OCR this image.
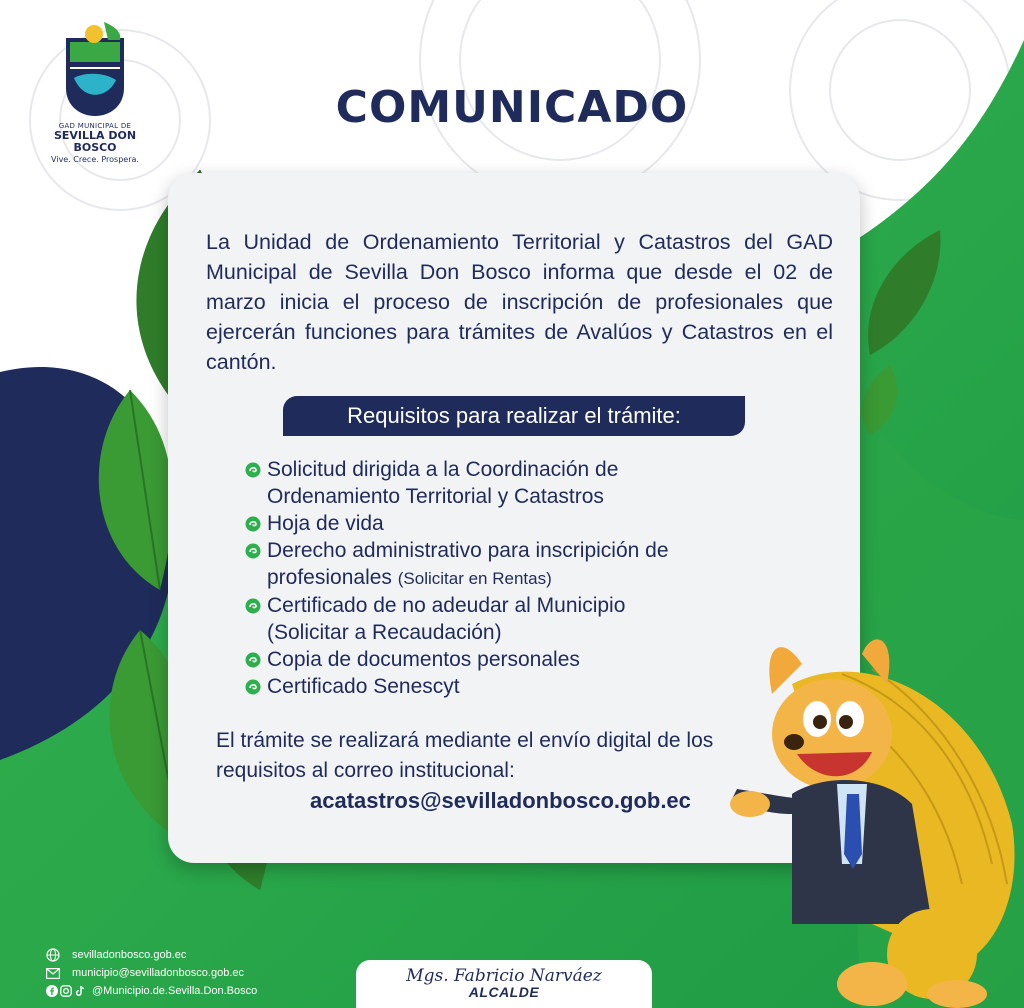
GAD MUNICIPAL DE
SEVILLA DON
BOSCO
Vive. Crece. Prospera.
COMUNICADO
La Unidad de Ordenamiento Territorial y Catastros del GAD Municipal de Sevilla Don Bosco informa que desde el 02 de marzo inicia el proceso de inscripción de profesionales que ejercerán funciones para trámites de Avalúos y Catastros en el cantón.
Requisitos para realizar el trámite:
Solicitud dirigida a la Coordinación de
Ordenamiento Territorial y Catastros
Hoja de vida
Derecho administrativo para inscripición de
profesionales (Solicitar en Rentas)
Certificado de no adeudar al Municipio
(Solicitar a Recaudación)
Copia de documentos personales
Certificado Senescyt
El trámite se realizará mediante el envío digital de los requisitos al correo institucional:
acatastros@sevilladonbosco.gob.ec
sevilladonbosco.gob.ec
municipio@sevilladonbosco.gob.ec
@Municipio.de.Sevilla.Don.Bosco
Mgs. Fabricio Narváez
ALCALDE
